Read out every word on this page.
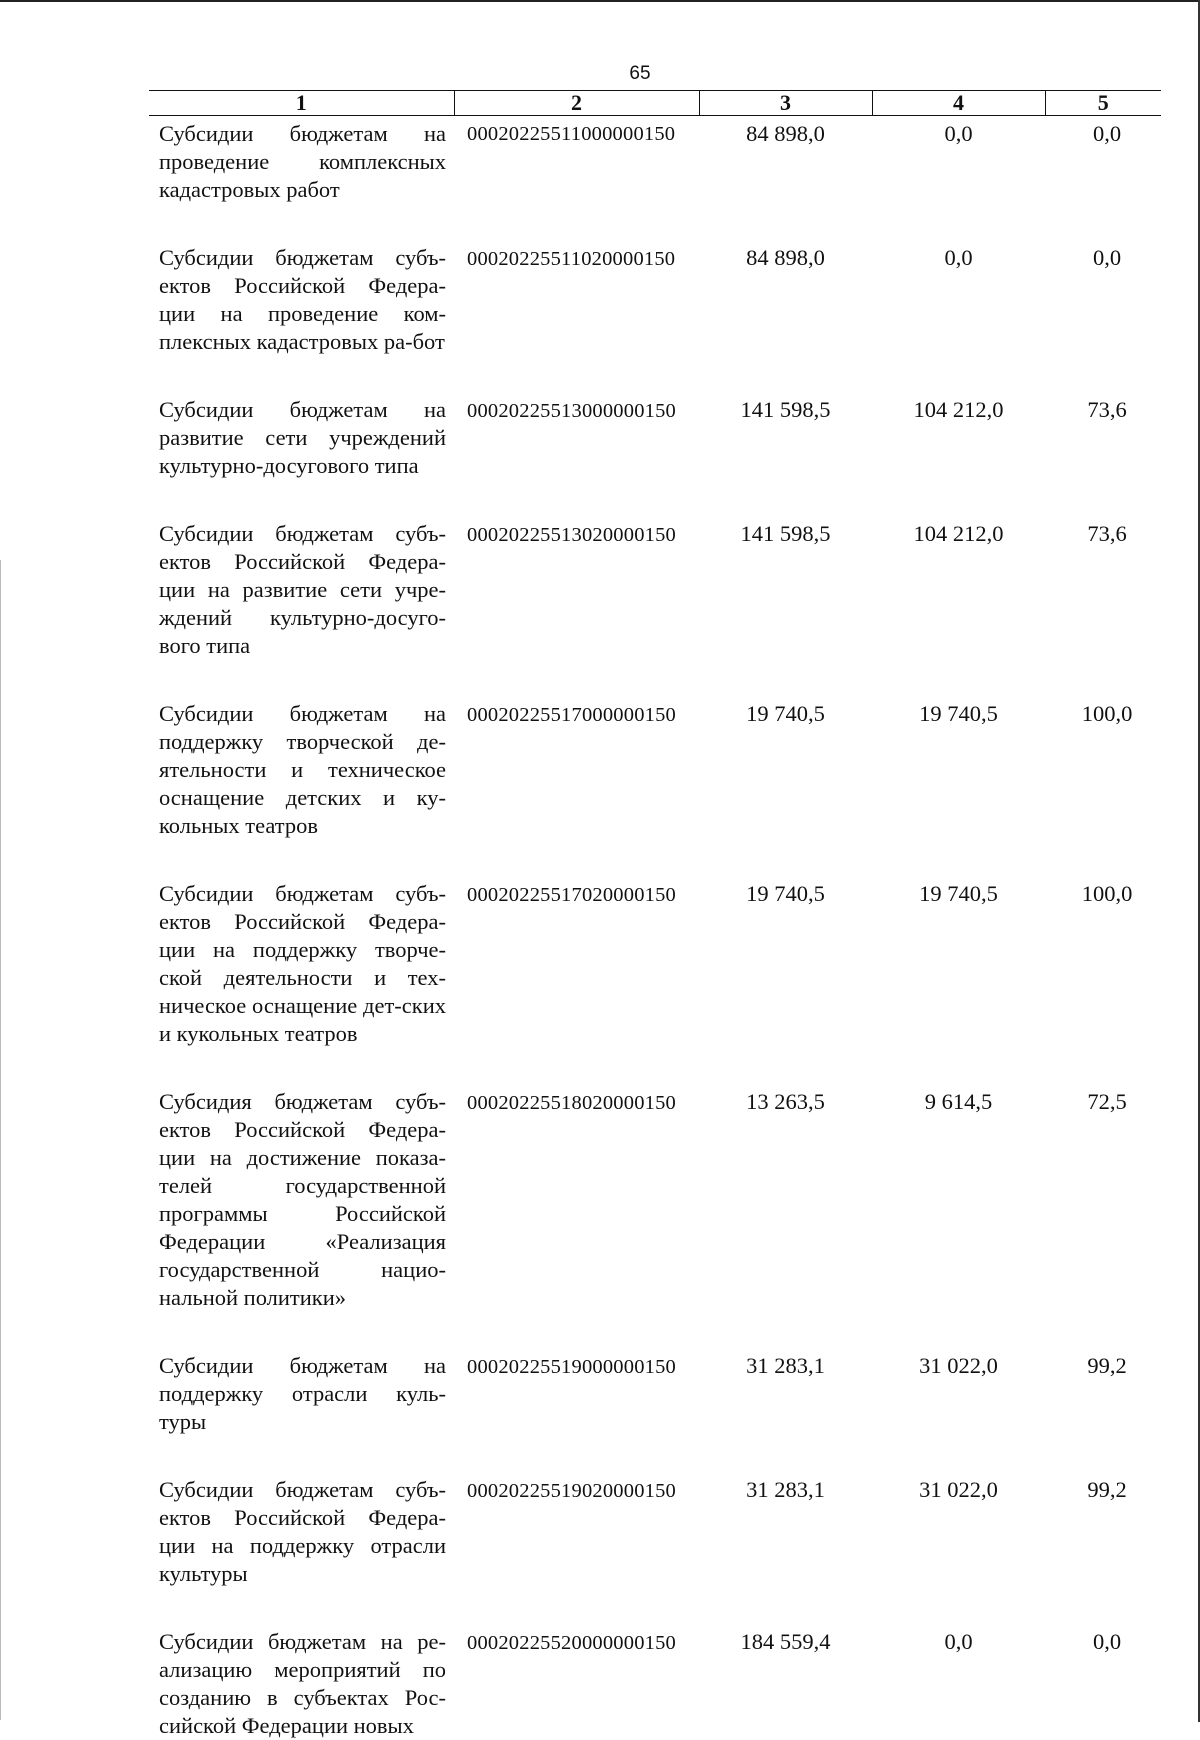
65
1	2	3	4	5
Субсидии бюджетам на проведение комплексных кадастровых работ	00020225511000000150	84 898,0	0,0	0,0

Субсидии бюджетам субъ-ектов Российской Федера-ции на проведение ком-плексных кадастровых ра-бот	00020225511020000150	84 898,0	0,0	0,0

Субсидии бюджетам на развитие сети учреждений культурно-досугового типа	00020225513000000150	141 598,5	104 212,0	73,6

Субсидии бюджетам субъ-ектов Российской Федера-ции на развитие сети учре-ждений культурно-досуго-вого типа	00020225513020000150	141 598,5	104 212,0	73,6

Субсидии бюджетам на поддержку творческой де-ятельности и техническое оснащение детских и ку-кольных театров	00020225517000000150	19 740,5	19 740,5	100,0

Субсидии бюджетам субъ-ектов Российской Федера-ции на поддержку творче-ской деятельности и тех-ническое оснащение дет-ских и кукольных театров	00020225517020000150	19 740,5	19 740,5	100,0

Субсидия бюджетам субъ-ектов Российской Федера-ции на достижение показа-телей государственной программы Российской Федерации «Реализация государственной нацио-нальной политики»	00020225518020000150	13 263,5	9 614,5	72,5

Субсидии бюджетам на поддержку отрасли куль-туры	00020225519000000150	31 283,1	31 022,0	99,2

Субсидии бюджетам субъ-ектов Российской Федера-ции на поддержку отрасли культуры	00020225519020000150	31 283,1	31 022,0	99,2

Субсидии бюджетам на ре-ализацию мероприятий по созданию в субъектах Рос-сийской Федерации новых	00020225520000000150	184 559,4	0,0	0,0
